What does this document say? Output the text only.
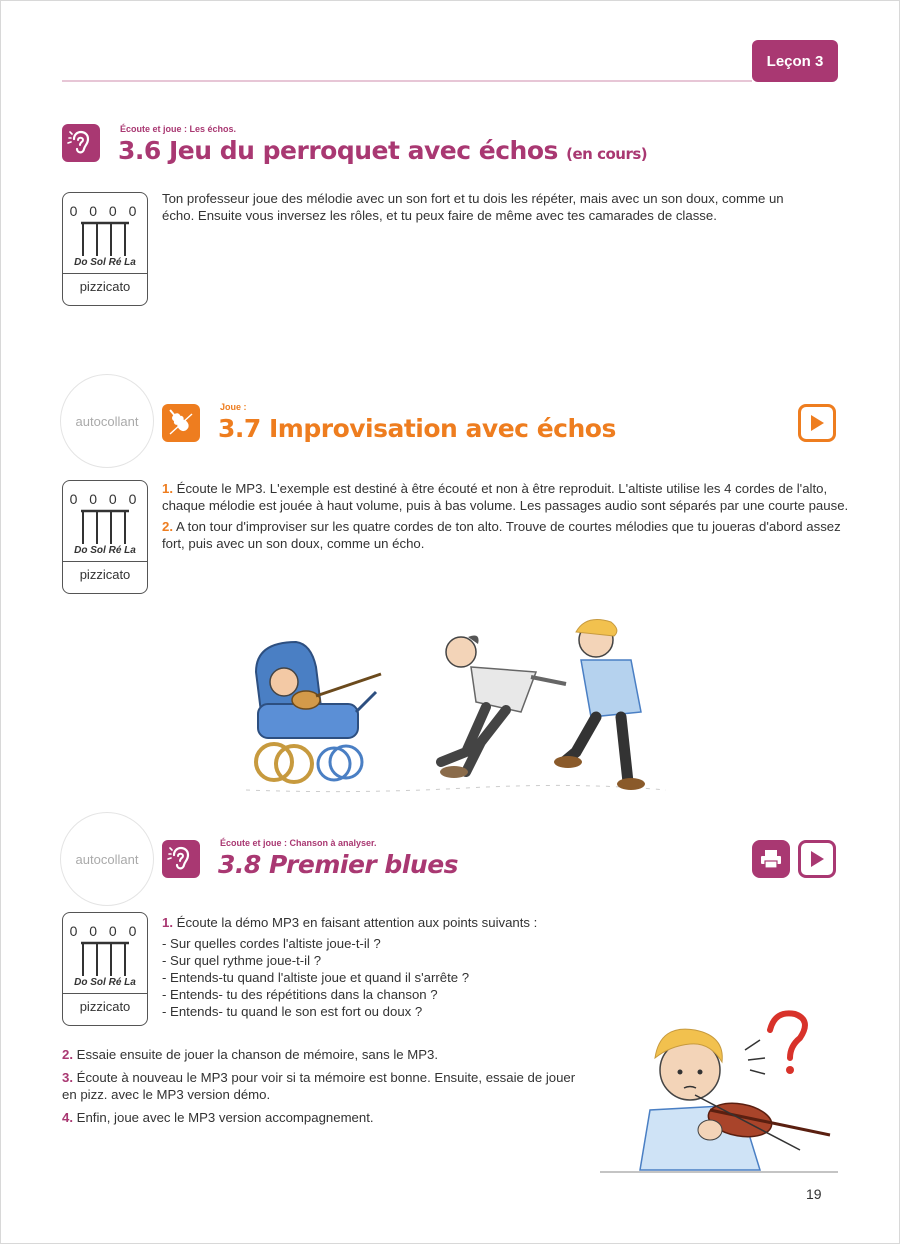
Leçon 3
Écoute et joue : Les échos.
3.6 Jeu du perroquet avec échos (en cours)
0 0 0 0
Do Sol Ré La
pizzicato
Ton professeur joue des mélodie avec un son fort et tu dois les répéter, mais avec un son doux, comme un écho. Ensuite vous inversez les rôles, et tu peux faire de même avec tes camarades de classe.
autocollant
Joue :
3.7 Improvisation avec échos
0 0 0 0
Do Sol Ré La
pizzicato
1. Écoute le MP3. L'exemple est destiné à être écouté et non à être reproduit. L'altiste utilise les 4 cordes de l'alto, chaque mélodie est jouée à haut volume, puis à bas volume. Les passages audio sont séparés par une courte pause.
2. A ton tour d'improviser sur les quatre cordes de ton alto. Trouve de courtes mélodies que tu joueras d'abord assez fort, puis avec un son doux, comme un écho.
autocollant
Écoute et joue : Chanson à analyser.
3.8 Premier blues
0 0 0 0
Do Sol Ré La
pizzicato
1. Écoute la démo MP3 en faisant attention aux points suivants :
- Sur quelles cordes l'altiste joue-t-il ?
- Sur quel rythme joue-t-il ?
- Entends-tu quand l'altiste joue et quand il s'arrête ?
- Entends- tu des répétitions dans la chanson ?
- Entends- tu quand le son est fort ou doux ?
2. Essaie ensuite de jouer la chanson de mémoire, sans le MP3.
3. Écoute à nouveau le MP3 pour voir si ta mémoire est bonne. Ensuite, essaie de jouer en pizz. avec le MP3 version démo.
4. Enfin, joue avec le MP3 version accompagnement.
19
